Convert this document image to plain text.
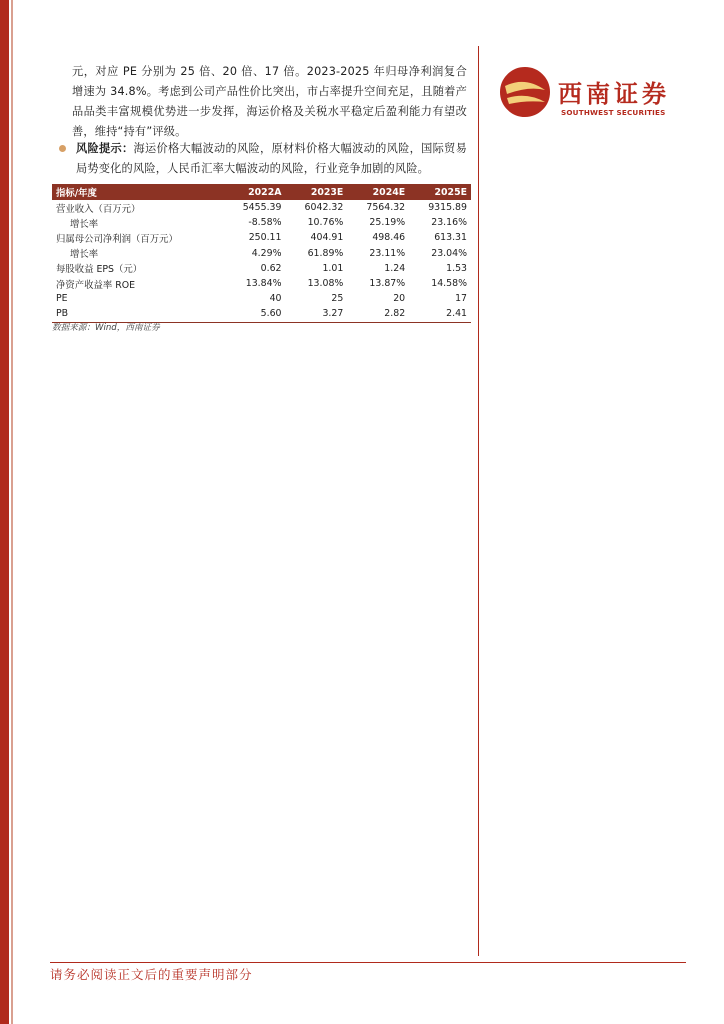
西南证券
SOUTHWEST SECURITIES
元，对应 PE 分别为 25 倍、20 倍、17 倍。2023-2025 年归母净利润复合增速为 34.8%。考虑到公司产品性价比突出，市占率提升空间充足，且随着产品品类丰富规模优势进一步发挥，海运价格及关税水平稳定后盈利能力有望改善，维持“持有”评级。
风险提示：海运价格大幅波动的风险，原材料价格大幅波动的风险，国际贸易局势变化的风险，人民币汇率大幅波动的风险，行业竞争加剧的风险。
指标/年度	2022A	2023E	2024E	2025E
营业收入（百万元）	5455.39	6042.32	7564.32	9315.89
增长率	-8.58%	10.76%	25.19%	23.16%
归属母公司净利润（百万元）	250.11	404.91	498.46	613.31
增长率	4.29%	61.89%	23.11%	23.04%
每股收益 EPS（元）	0.62	1.01	1.24	1.53
净资产收益率 ROE	13.84%	13.08%	13.87%	14.58%
PE	40	25	20	17
PB	5.60	3.27	2.82	2.41
数据来源：Wind，西南证券
请务必阅读正文后的重要声明部分
